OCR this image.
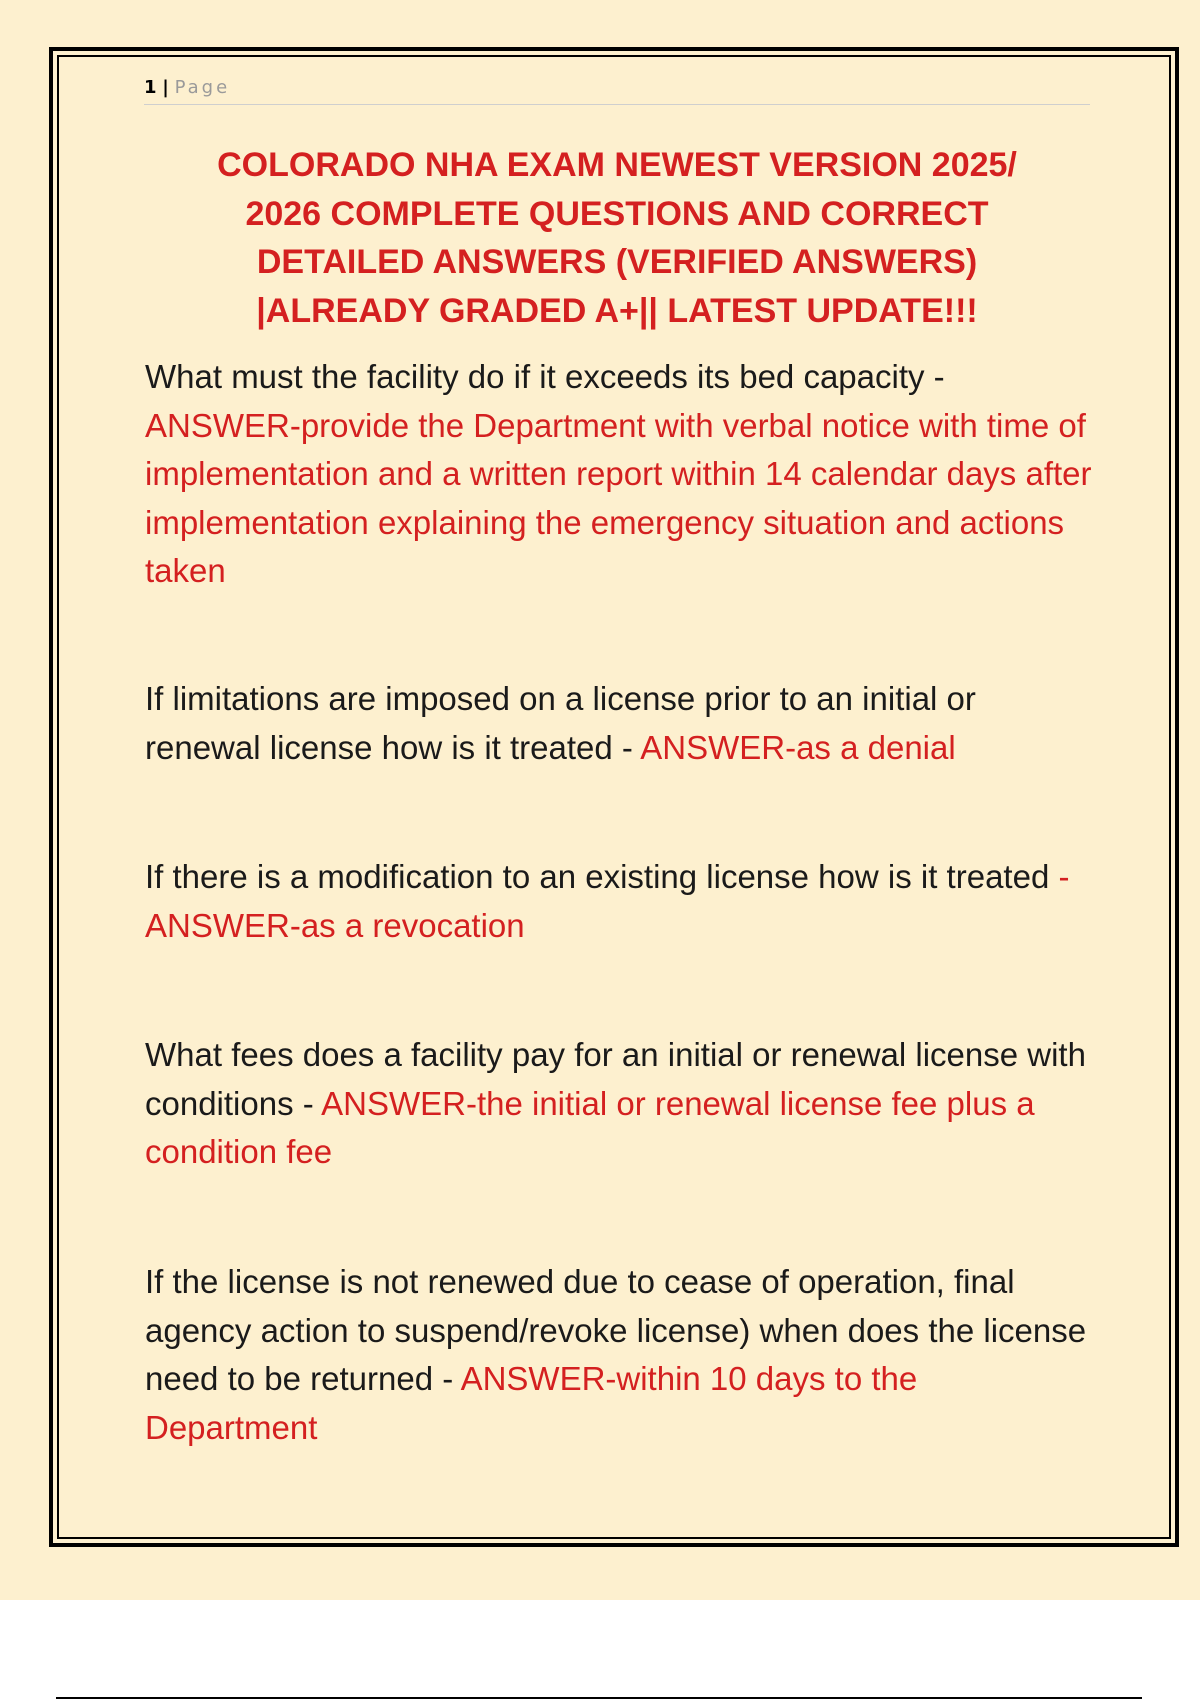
1 | Page
COLORADO NHA EXAM NEWEST VERSION 2025/
2026 COMPLETE QUESTIONS AND CORRECT
DETAILED ANSWERS (VERIFIED ANSWERS)
|ALREADY GRADED A+|| LATEST UPDATE!!!

What must the facility do if it exceeds its bed capacity - ANSWER-provide the Department with verbal notice with time of implementation and a written report within 14 calendar days after implementation explaining the emergency situation and actions taken

If limitations are imposed on a license prior to an initial or renewal license how is it treated - ANSWER-as a denial

If there is a modification to an existing license how is it treated - ANSWER-as a revocation

What fees does a facility pay for an initial or renewal license with conditions - ANSWER-the initial or renewal license fee plus a condition fee

If the license is not renewed due to cease of operation, final agency action to suspend/revoke license) when does the license need to be returned - ANSWER-within 10 days to the Department
